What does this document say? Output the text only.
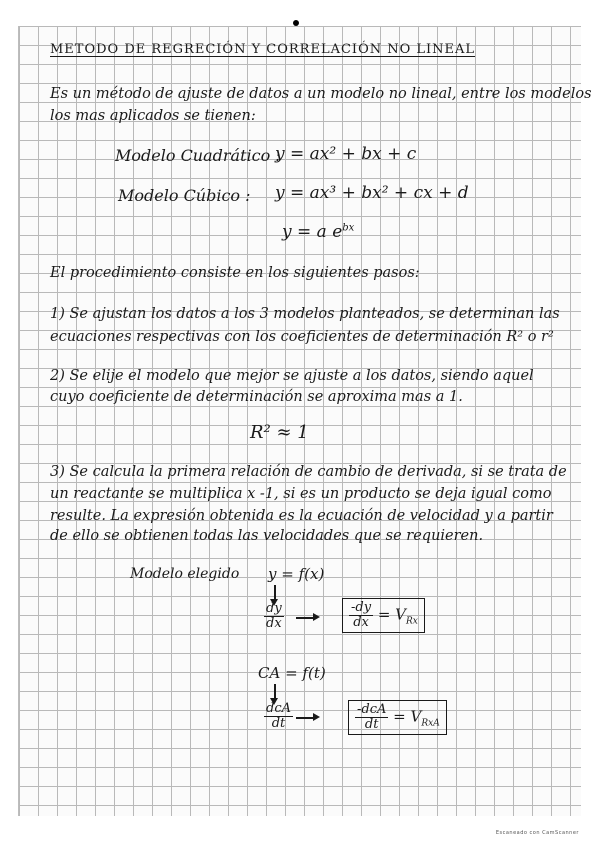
METODO DE REGRECIÓN Y CORRELACIÓN NO LINEAL
Es un método de ajuste de datos a un modelo no lineal, entre los modelos
los mas aplicados se tienen:
Modelo Cuadrático :
y = ax² + bx + c
Modelo Cúbico : y = ax³ + bx² + cx + d
y = a $e^{bx}$
El procedimiento consiste en los siguientes pasos:
1) Se ajustan los datos a los 3 modelos planteados, se determinan las
ecuaciones respectivas con los coeficientes de determinación R² o r²
2) Se elije el modelo que mejor se ajuste a los datos, siendo aquel
cuyo coeficiente de determinación se aproxima mas a 1.
R² ≈ 1
3) Se calcula la primera relación de cambio de derivada, si se trata de
un reactante se multiplica x -1, si es un producto se deja igual como
resulte. La expresión obtenida es la ecuación de velocidad y a partir
de ello se obtienen todas las velocidades que se requieren.
Modelo elegido y = f(x)
$\frac{dy}{dx}$	$\frac{-dy}{dx} = V_{Rx}$
CA = f(t)
$\frac{\text{dcA}}{dt}$	$\frac{\text{-dcA}}{dt} = V_{RxA}$
Escaneado con CamScanner
